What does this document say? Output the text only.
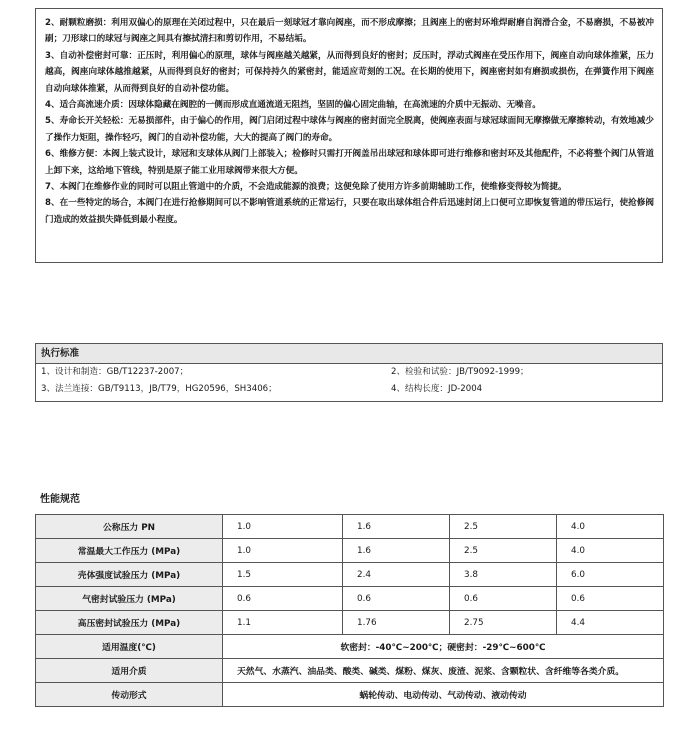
2、耐颗粒磨损：利用双偏心的原理在关闭过程中，只在最后一刻球冠才靠向阀座，而不形成摩擦；且阀座上的密封环堆焊耐磨自润滑合金，不易磨损，不易被冲刷；刀形球口的球冠与阀座之间具有擦拭清扫和剪切作用，不易结垢。

3、自动补偿密封可靠：正压时，利用偏心的原理，球体与阀座越关越紧，从而得到良好的密封；反压时，浮动式阀座在受压作用下，阀座自动向球体推紧，压力越高，阀座向球体越推越紧，从而得到良好的密封；可保持持久的紧密封，能适应苛刻的工况。在长期的使用下，阀座密封如有磨损或损伤，在弹簧作用下阀座自动向球体推紧，从而得到良好的自动补偿功能。

4、适合高流速介质：因球体隐藏在阀腔的一侧而形成直通流道无阻挡，坚固的偏心固定曲轴，在高流速的介质中无振动、无噪音。

5、寿命长开关轻松：无易损部件，由于偏心的作用，阀门启闭过程中球体与阀座的密封面完全脱离，使阀座表面与球冠球面间无摩擦做无摩擦转动，有效地减少了操作力矩阻，操作轻巧，阀门的自动补偿功能，大大的提高了阀门的寿命。

6、维修方便：本阀上装式设计，球冠和支球体从阀门上部装入；检修时只需打开阀盖吊出球冠和球体即可进行维修和密封环及其他配件，不必将整个阀门从管道上卸下来，这给地下管线，特别是原子能工业用球阀带来很大方便。

7、本阀门在维修作业的同时可以阻止管道中的介质，不会造成能源的浪费；这便免除了使用方许多前期辅助工作，使维修变得较为简捷。

8、在一些特定的场合，本阀门在进行抢修期间可以不影响管道系统的正常运行，只要在取出球体组合件后迅速封闭上口便可立即恢复管道的带压运行，使抢修阀门造成的效益损失降低到最小程度。

执行标准
1、设计和制造：GB/T12237-2007；	2、检验和试验：JB/T9092-1999；
3、法兰连接：GB/T9113，JB/T79，HG20596，SH3406；	4、结构长度：JD-2004
性能规范
公称压力 PN	1.0	1.6	2.5	4.0
常温最大工作压力 (MPa)	1.0	1.6	2.5	4.0
壳体强度试验压力 (MPa)	1.5	2.4	3.8	6.0
气密封试验压力 (MPa)	0.6	0.6	0.6	0.6
高压密封试验压力 (MPa)	1.1	1.76	2.75	4.4
适用温度(℃)	软密封：-40℃~200℃；硬密封：-29℃~600℃			
适用介质	天然气、水蒸汽、油品类、酸类、碱类、煤粉、煤灰、废渣、泥浆、含颗粒状、含纤维等各类介质。			
传动形式	蜗轮传动、电动传动、气动传动、液动传动			
